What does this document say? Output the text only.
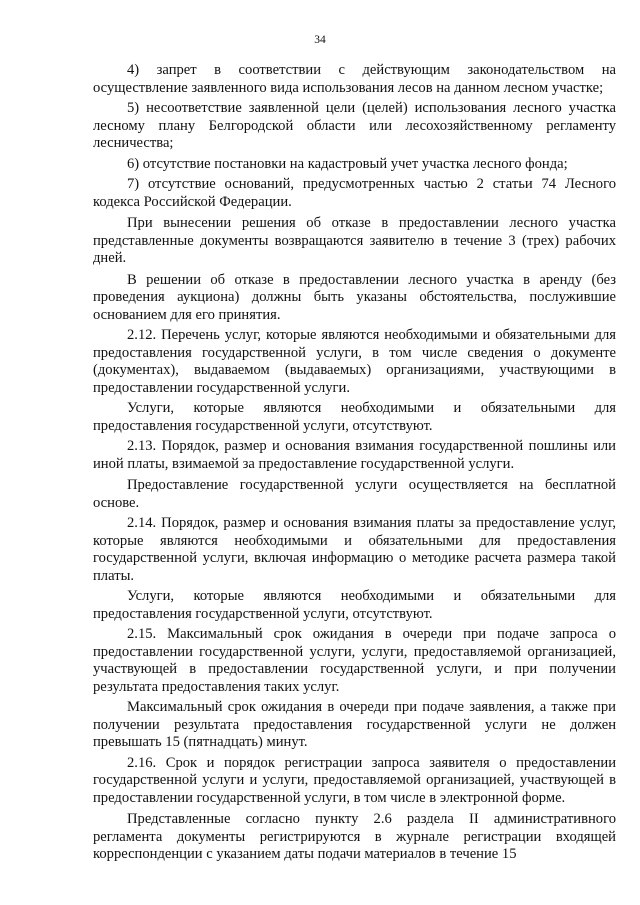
34

4) запрет в соответствии с действующим законодательством на осуществление заявленного вида использования лесов на данном лесном участке;

5) несоответствие заявленной цели (целей) использования лесного участка лесному плану Белгородской области или лесохозяйственному регламенту лесничества;

6) отсутствие постановки на кадастровый учет участка лесного фонда;

7) отсутствие оснований, предусмотренных частью 2 статьи 74 Лесного кодекса Российской Федерации.

При вынесении решения об отказе в предоставлении лесного участка представленные документы возвращаются заявителю в течение 3 (трех) рабочих дней.

В решении об отказе в предоставлении лесного участка в аренду (без проведения аукциона) должны быть указаны обстоятельства, послужившие основанием для его принятия.

2.12. Перечень услуг, которые являются необходимыми и обязательными для предоставления государственной услуги, в том числе сведения о документе (документах), выдаваемом (выдаваемых) организациями, участвующими в предоставлении государственной услуги.

Услуги, которые являются необходимыми и обязательными для предоставления государственной услуги, отсутствуют.

2.13. Порядок, размер и основания взимания государственной пошлины или иной платы, взимаемой за предоставление государственной услуги.

Предоставление государственной услуги осуществляется на бесплатной основе.

2.14. Порядок, размер и основания взимания платы за предоставление услуг, которые являются необходимыми и обязательными для предоставления государственной услуги, включая информацию о методике расчета размера такой платы.

Услуги, которые являются необходимыми и обязательными для предоставления государственной услуги, отсутствуют.

2.15. Максимальный срок ожидания в очереди при подаче запроса о предоставлении государственной услуги, услуги, предоставляемой организацией, участвующей в предоставлении государственной услуги, и при получении результата предоставления таких услуг.

Максимальный срок ожидания в очереди при подаче заявления, а также при получении результата предоставления государственной услуги не должен превышать 15 (пятнадцать) минут.

2.16. Срок и порядок регистрации запроса заявителя о предоставлении государственной услуги и услуги, предоставляемой организацией, участвующей в предоставлении государственной услуги, в том числе в электронной форме.

Представленные согласно пункту 2.6 раздела II административного регламента документы регистрируются в журнале регистрации входящей корреспонденции с указанием даты подачи материалов в течение 15
